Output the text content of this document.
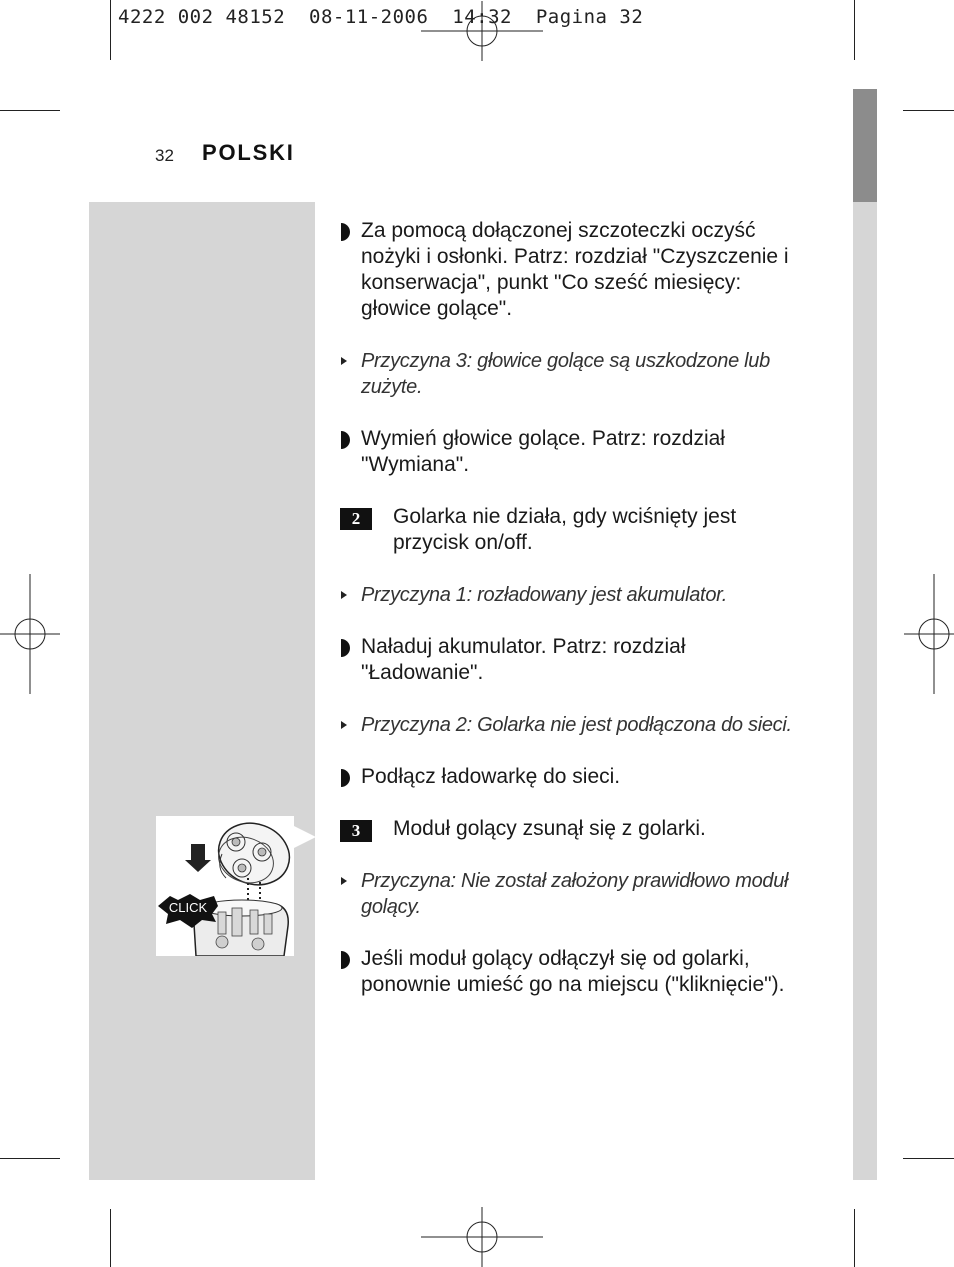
4222 002 48152  08-11-2006  14:32  Pagina 32
32 POLSKI
CLICK
Za pomocą dołączonej szczoteczki oczyść nożyki i osłonki. Patrz: rozdział "Czyszczenie i konserwacja", punkt "Co sześć miesięcy: głowice golące".
Przyczyna 3: głowice golące są uszkodzone lub zużyte.
Wymień głowice golące. Patrz: rozdział "Wymiana".
2	Golarka nie działa, gdy wciśnięty jest przycisk on/off.
Przyczyna 1: rozładowany jest akumulator.
Naładuj akumulator. Patrz: rozdział "Ładowanie".
Przyczyna 2: Golarka nie jest podłączona do sieci.
Podłącz ładowarkę do sieci.
3	Moduł golący zsunął się z golarki.
Przyczyna: Nie został założony prawidłowo moduł golący.
Jeśli moduł golący odłączył się od golarki, ponownie umieść go na miejscu ("kliknięcie").
